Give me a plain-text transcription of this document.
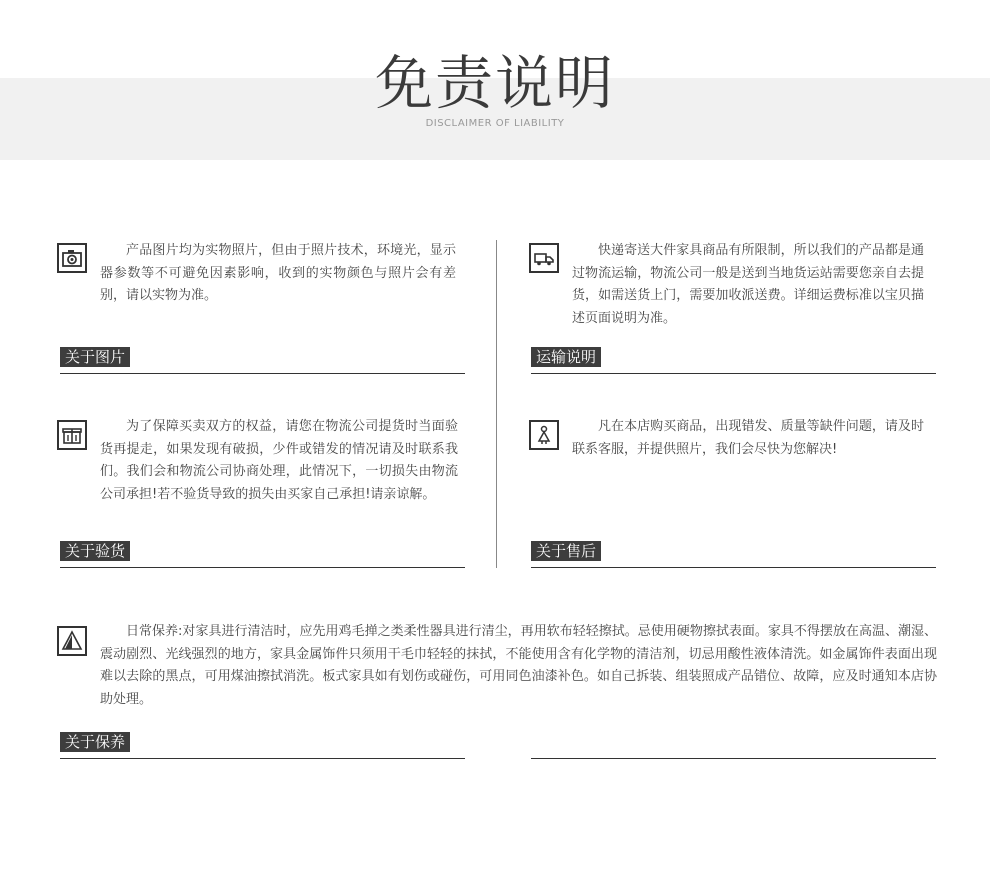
免责说明
DISCLAIMER OF LIABILITY
产品图片均为实物照片，但由于照片技术，环境光，显示器参数等不可避免因素影响，收到的实物颜色与照片会有差别，请以实物为准。
关于图片
快递寄送大件家具商品有所限制，所以我们的产品都是通过物流运输，物流公司一般是送到当地货运站需要您亲自去提货，如需送货上门，需要加收派送费。详细运费标准以宝贝描述页面说明为准。
运输说明
为了保障买卖双方的权益，请您在物流公司提货时当面验货再提走，如果发现有破损，少件或错发的情况请及时联系我们。我们会和物流公司协商处理，此情况下，一切损失由物流公司承担!若不验货导致的损失由买家自己承担!请亲谅解。
关于验货
凡在本店购买商品，出现错发、质量等缺件问题，请及时联系客服，并提供照片，我们会尽快为您解决!
关于售后
日常保养:对家具进行清洁时，应先用鸡毛掸之类柔性器具进行清尘，再用软布轻轻擦拭。忌使用硬物擦拭表面。家具不得摆放在高温、潮湿、震动剧烈、光线强烈的地方，家具金属饰件只须用干毛巾轻轻的抹拭，不能使用含有化学物的清洁剂，切忌用酸性液体清洗。如金属饰件表面出现难以去除的黑点，可用煤油擦拭消洗。板式家具如有划伤或碰伤，可用同色油漆补色。如自己拆装、组装照成产品错位、故障，应及时通知本店协助处理。
关于保养
